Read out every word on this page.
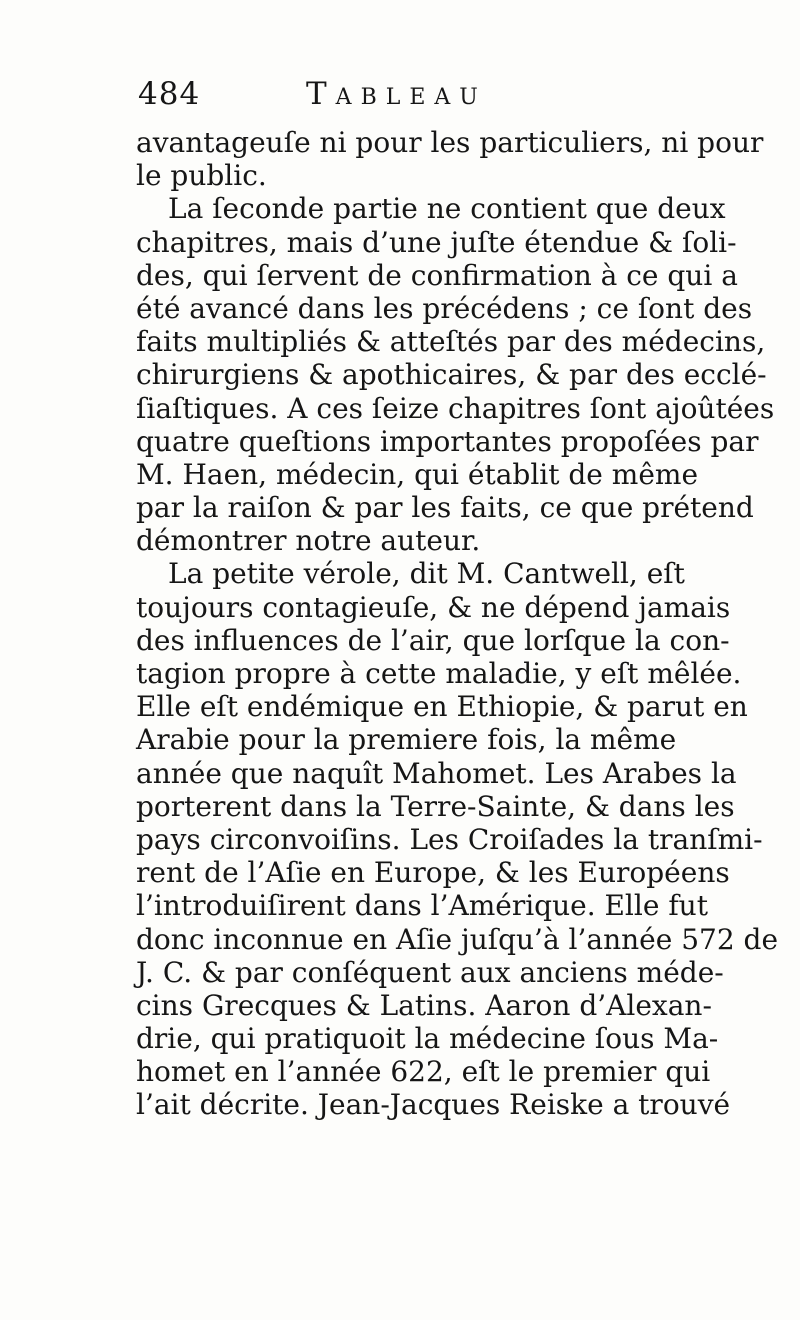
484	Tableau
avantageuſe ni pour les particuliers, ni pour
le public.
La ſeconde partie ne contient que deux
chapitres, mais d’une juſte étendue & ſoli-
des, qui ſervent de confirmation à ce qui a
été avancé dans les précédens ; ce ſont des
faits multipliés & atteſtés par des médecins,
chirurgiens & apothicaires, & par des ecclé-
ſiaſtiques. A ces ſeize chapitres ſont ajoûtées
quatre queſtions importantes propoſées par
M. Haen, médecin, qui établit de même
par la raiſon & par les faits, ce que prétend
démontrer notre auteur.
La petite vérole, dit M. Cantwell, eſt
toujours contagieuſe, & ne dépend jamais
des influences de l’air, que lorſque la con-
tagion propre à cette maladie, y eſt mêlée.
Elle eſt endémique en Ethiopie, & parut en
Arabie pour la premiere fois, la même
année que naquît Mahomet. Les Arabes la
porterent dans la Terre-Sainte, & dans les
pays circonvoiſins. Les Croiſades la tranſmi-
rent de l’Aſie en Europe, & les Européens
l’introduiſirent dans l’Amérique. Elle fut
donc inconnue en Aſie juſqu’à l’année 572 de
J. C. & par conſéquent aux anciens méde-
cins Grecques & Latins. Aaron d’Alexan-
drie, qui pratiquoit la médecine ſous Ma-
homet en l’année 622, eſt le premier qui
l’ait décrite. Jean-Jacques Reiske a trouvé
